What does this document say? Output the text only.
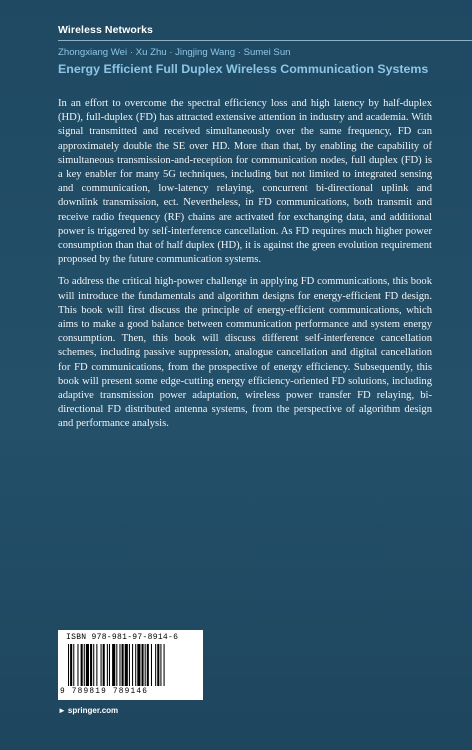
Wireless Networks
Zhongxiang Wei · Xu Zhu · Jingjing Wang · Sumei Sun
Energy Efficient Full Duplex Wireless Communication Systems

In an effort to overcome the spectral efficiency loss and high latency by half-duplex (HD), full-duplex (FD) has attracted extensive attention in industry and academia. With signal transmitted and received simultaneously over the same frequency, FD can approximately double the SE over HD. More than that, by enabling the capability of simultaneous transmission-and-reception for communication nodes, full duplex (FD) is a key enabler for many 5G techniques, including but not limited to integrated sensing and communication, low-latency relaying, concurrent bi-directional uplink and downlink transmission, ect. Nevertheless, in FD communications, both transmit and receive radio frequency (RF) chains are activated for exchanging data, and additional power is triggered by self-interference cancellation. As FD requires much higher power consumption than that of half duplex (HD), it is against the green evolution requirement proposed by the future communication systems.

To address the critical high-power challenge in applying FD communications, this book will introduce the fundamentals and algorithm designs for energy-efficient FD design. This book will first discuss the principle of energy-efficient communications, which aims to make a good balance between communication performance and system energy consumption. Then, this book will discuss different self-interference cancellation schemes, including passive suppression, analogue cancellation and digital cancellation for FD communications, from the prospective of energy efficiency. Subsequently, this book will present some edge-cutting energy efficiency-oriented FD solutions, including adaptive transmission power adaptation, wireless power transfer FD relaying, bi-directional FD distributed antenna systems, from the perspective of algorithm design and performance analysis.

ISBN 978-981-97-8914-6
9 789819 789146
► springer.com
